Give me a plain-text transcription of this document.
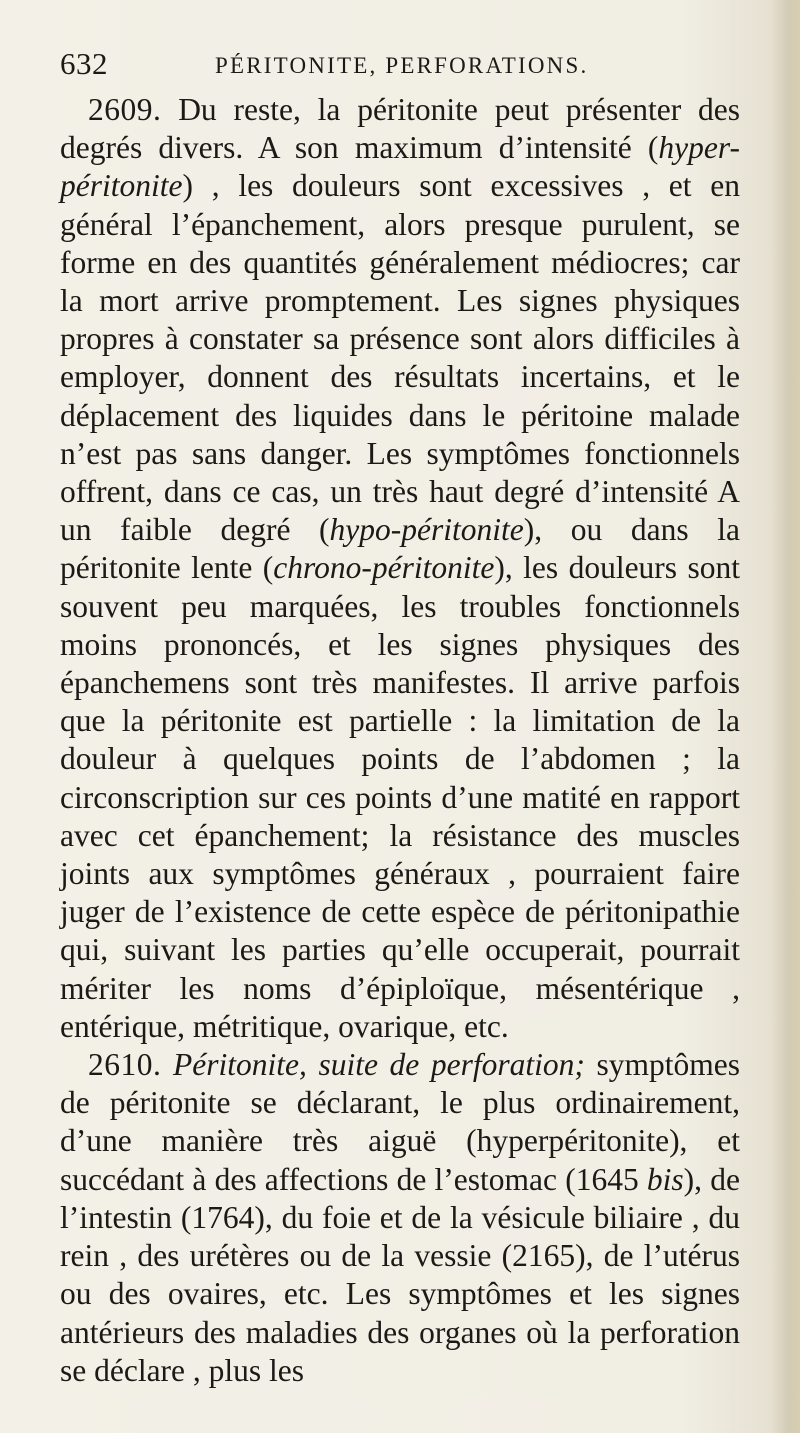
632	PÉRITONITE, PERFORATIONS.

2609. Du reste, la péritonite peut présenter des degrés divers. A son maximum d’intensité (hyper-péritonite) , les douleurs sont excessives , et en général l’épanchement, alors presque purulent, se forme en des quantités généralement médiocres; car la mort arrive promptement. Les signes physiques propres à constater sa présence sont alors difficiles à employer, donnent des résultats incertains, et le déplacement des liquides dans le péritoine malade n’est pas sans danger. Les symptômes fonctionnels offrent, dans ce cas, un très haut degré d’intensité A un faible degré (hypo-péritonite), ou dans la péritonite lente (chrono-péritonite), les douleurs sont souvent peu marquées, les troubles fonctionnels moins prononcés, et les signes physiques des épanchemens sont très manifestes. Il arrive parfois que la péritonite est partielle : la limitation de la douleur à quelques points de l’abdomen ; la circonscription sur ces points d’une matité en rapport avec cet épanchement; la résistance des muscles joints aux symptômes généraux , pourraient faire juger de l’existence de cette espèce de péritonipathie qui, suivant les parties qu’elle occuperait, pourrait mériter les noms d’épiploïque, mésentérique , entérique, métritique, ovarique, etc.

2610. Péritonite, suite de perforation; symptômes de péritonite se déclarant, le plus ordinairement, d’une manière très aiguë (hyperpéritonite), et succédant à des affections de l’estomac (1645 bis), de l’intestin (1764), du foie et de la vésicule biliaire , du rein , des urétères ou de la vessie (2165), de l’utérus ou des ovaires, etc. Les symptômes et les signes antérieurs des maladies des organes où la perforation se déclare , plus les
